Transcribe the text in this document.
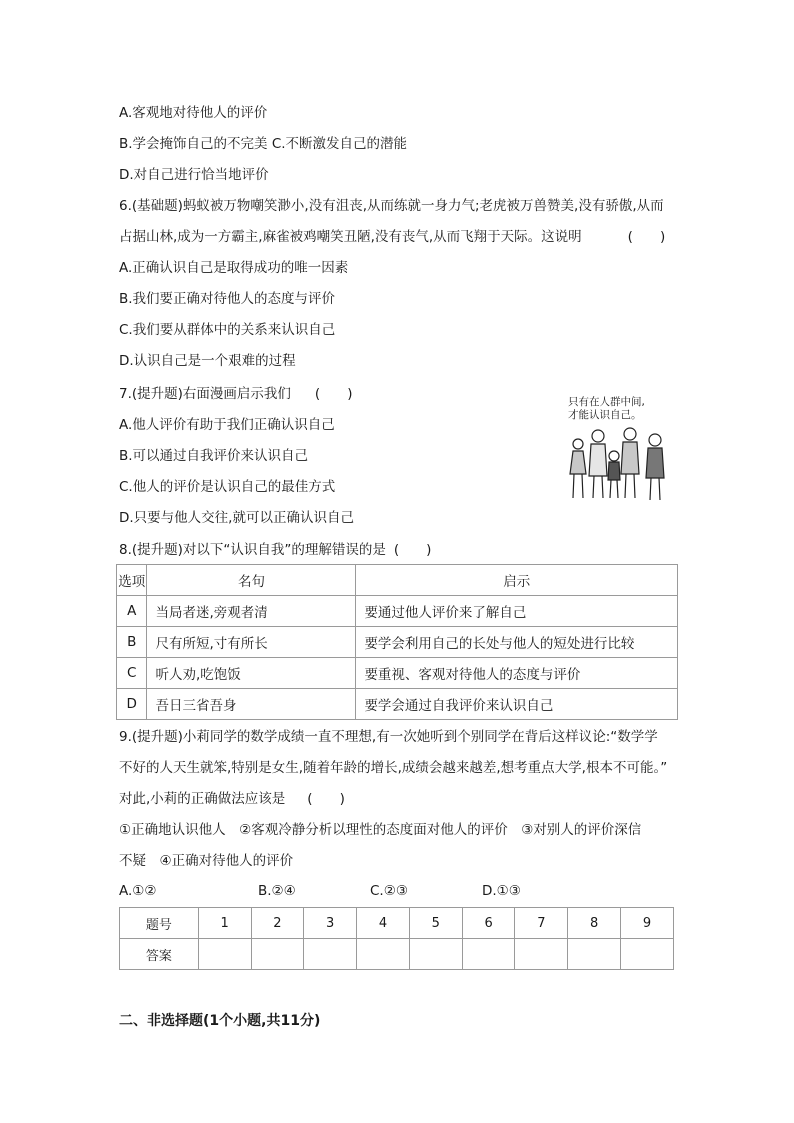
A.客观地对待他人的评价
B.学会掩饰自己的不完美 C.不断激发自己的潜能
D.对自己进行恰当地评价
6.(基础题)蚂蚁被万物嘲笑渺小,没有沮丧,从而练就一身力气;老虎被万兽赞美,没有骄傲,从而
占据山林,成为一方霸主,麻雀被鸡嘲笑丑陋,没有丧气,从而飞翔于天际。这说明	(　　)
A.正确认识自己是取得成功的唯一因素
B.我们要正确对待他人的态度与评价
C.我们要从群体中的关系来认识自己
D.认识自己是一个艰难的过程
7.(提升题)右面漫画启示我们 (　　)
A.他人评价有助于我们正确认识自己
B.可以通过自我评价来认识自己
C.他人的评价是认识自己的最佳方式
D.只要与他人交往,就可以正确认识自己
只有在人群中间,
才能认识自己。
8.(提升题)对以下“认识自我”的理解错误的是 (　　)
选项	名句	启示
A	当局者迷,旁观者清	要通过他人评价来了解自己
B	尺有所短,寸有所长	要学会利用自己的长处与他人的短处进行比较
C	听人劝,吃饱饭	要重视、客观对待他人的态度与评价
D	吾日三省吾身	要学会通过自我评价来认识自己
9.(提升题)小莉同学的数学成绩一直不理想,有一次她听到个别同学在背后这样议论:“数学学
不好的人天生就笨,特别是女生,随着年龄的增长,成绩会越来越差,想考重点大学,根本不可能。”
对此,小莉的正确做法应该是 (　　)
①正确地认识他人　②客观冷静分析以理性的态度面对他人的评价　③对别人的评价深信
不疑　④正确对待他人的评价
A.①②	B.②④	C.②③	D.①③
题号	1	2	3	4	5	6	7	8	9
答案									
二、非选择题(1个小题,共11分)
